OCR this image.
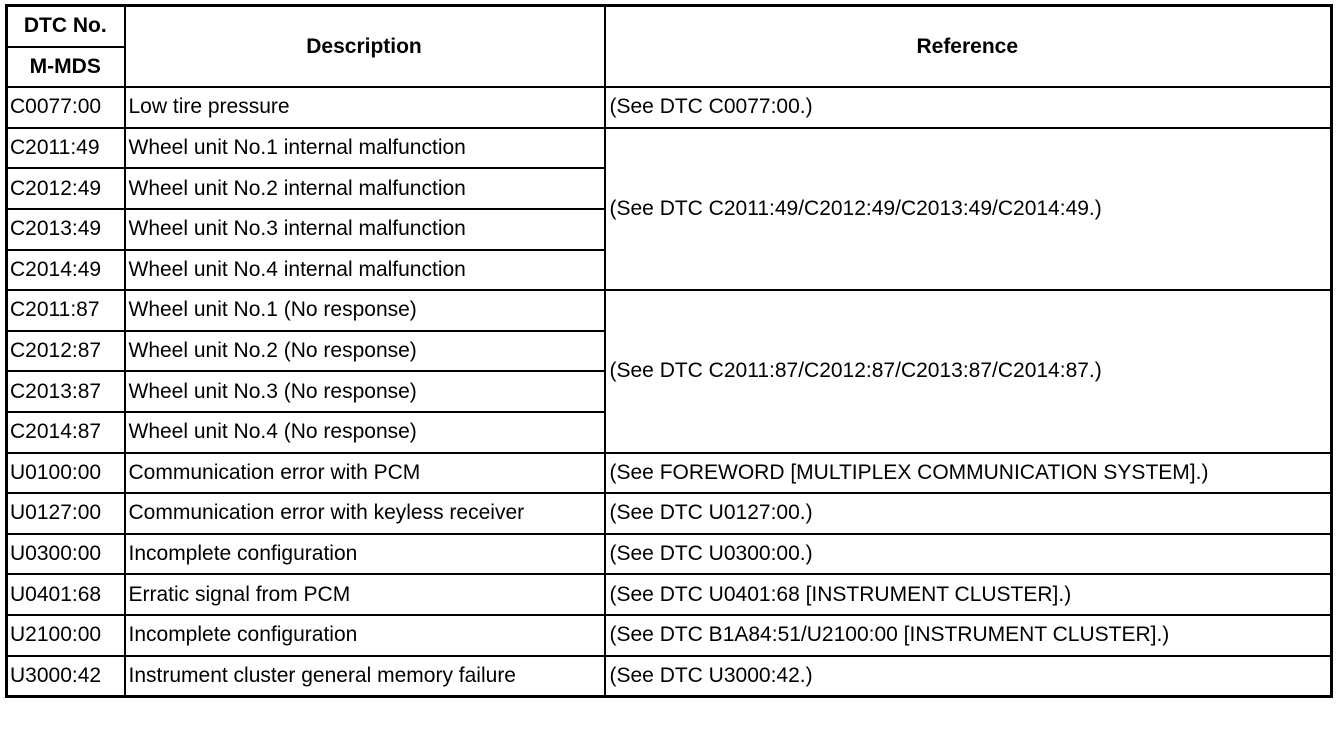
DTC No.	Description	Reference
M-MDS		
C0077:00	Low tire pressure	(See DTC C0077:00.)
C2011:49	Wheel unit No.1 internal malfunction	(See DTC C2011:49/C2012:49/C2013:49/C2014:49.)
C2012:49	Wheel unit No.2 internal malfunction	
C2013:49	Wheel unit No.3 internal malfunction	
C2014:49	Wheel unit No.4 internal malfunction	
C2011:87	Wheel unit No.1 (No response)	(See DTC C2011:87/C2012:87/C2013:87/C2014:87.)
C2012:87	Wheel unit No.2 (No response)	
C2013:87	Wheel unit No.3 (No response)	
C2014:87	Wheel unit No.4 (No response)	
U0100:00	Communication error with PCM	(See FOREWORD [MULTIPLEX COMMUNICATION SYSTEM].)
U0127:00	Communication error with keyless receiver	(See DTC U0127:00.)
U0300:00	Incomplete configuration	(See DTC U0300:00.)
U0401:68	Erratic signal from PCM	(See DTC U0401:68 [INSTRUMENT CLUSTER].)
U2100:00	Incomplete configuration	(See DTC B1A84:51/U2100:00 [INSTRUMENT CLUSTER].)
U3000:42	Instrument cluster general memory failure	(See DTC U3000:42.)
